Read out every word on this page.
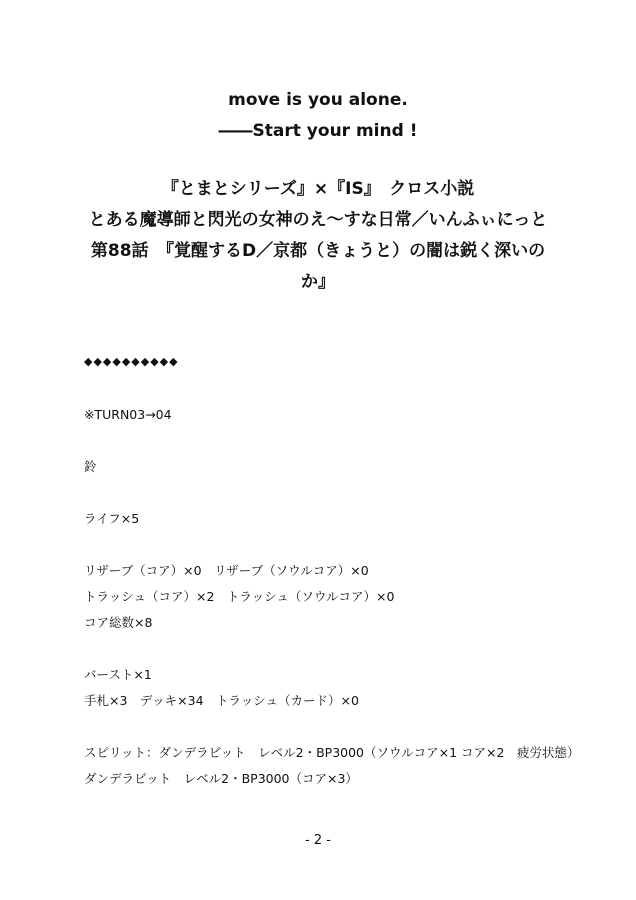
move is you alone.
――Start your mind !
『とまとシリーズ』×『IS』　クロス小説
とある魔導師と閃光の女神のえ～すな日常／いんふぃにっと
第88話　『覚醒するD／京都（きょうと）の闇は鋭く深いの
か』
◆◆◆◆◆◆◆◆◆◆
※TURN03→04
鈴
ライフ×5
リザーブ（コア）×0　リザーブ（ソウルコア）×0
トラッシュ（コア）×2　トラッシュ（ソウルコア）×0
コア総数×8
バースト×1
手札×3　デッキ×34　トラッシュ（カード）×0
スピリット：ダンデラビット　レベル2・BP3000（ソウルコア×1 コア×2　疲労状態）
ダンデラビット　レベル2・BP3000（コア×3）
- 2 -
